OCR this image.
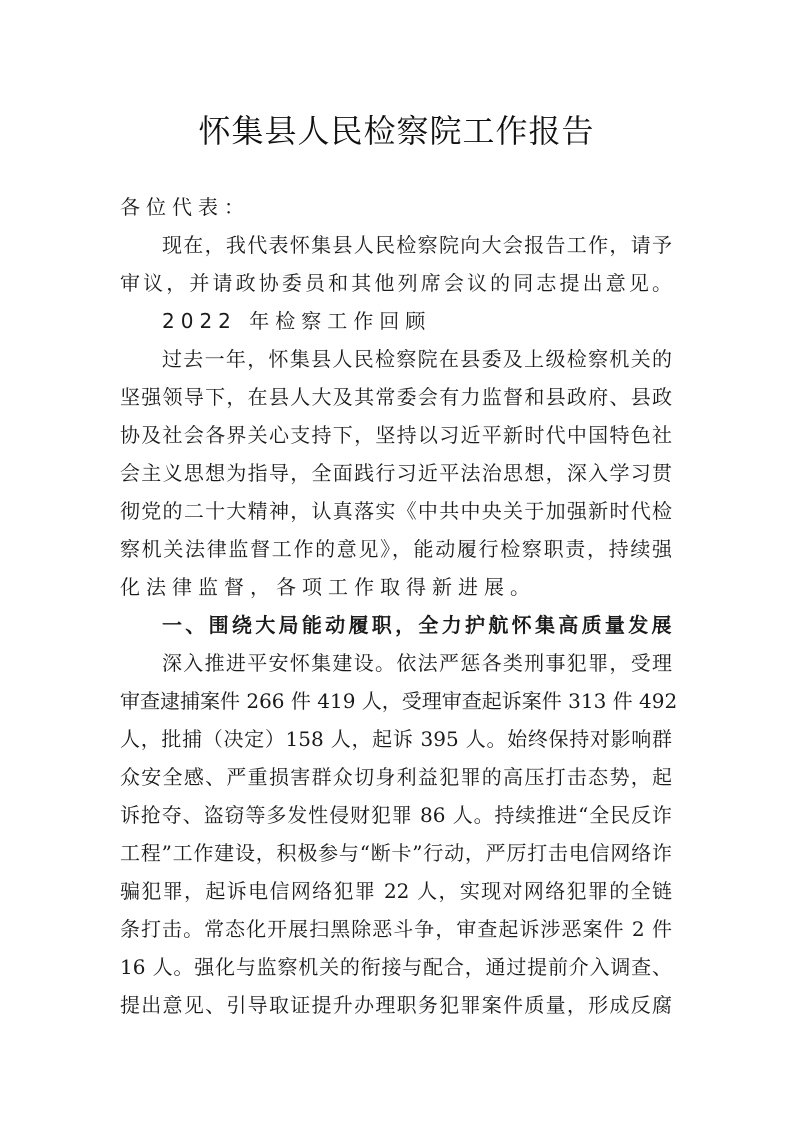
怀集县人民检察院工作报告
各位代表：
现在，我代表怀集县人民检察院向大会报告工作，请予
审议，并请政协委员和其他列席会议的同志提出意见。
2022 年检察工作回顾
过去一年，怀集县人民检察院在县委及上级检察机关的
坚强领导下，在县人大及其常委会有力监督和县政府、县政
协及社会各界关心支持下，坚持以习近平新时代中国特色社
会主义思想为指导，全面践行习近平法治思想，深入学习贯
彻党的二十大精神，认真落实《中共中央关于加强新时代检
察机关法律监督工作的意见》，能动履行检察职责，持续强
化法律监督，各项工作取得新进展。
一、围绕大局能动履职，全力护航怀集高质量发展
深入推进平安怀集建设。依法严惩各类刑事犯罪，受理
审查逮捕案件 266 件 419 人，受理审查起诉案件 313 件 492
人，批捕（决定）158 人，起诉 395 人。始终保持对影响群
众安全感、严重损害群众切身利益犯罪的高压打击态势，起
诉抢夺、盗窃等多发性侵财犯罪 86 人。持续推进“全民反诈
工程”工作建设，积极参与“断卡”行动，严厉打击电信网络诈
骗犯罪，起诉电信网络犯罪 22 人，实现对网络犯罪的全链
条打击。常态化开展扫黑除恶斗争，审查起诉涉恶案件 2 件
16 人。强化与监察机关的衔接与配合，通过提前介入调查、
提出意见、引导取证提升办理职务犯罪案件质量，形成反腐
